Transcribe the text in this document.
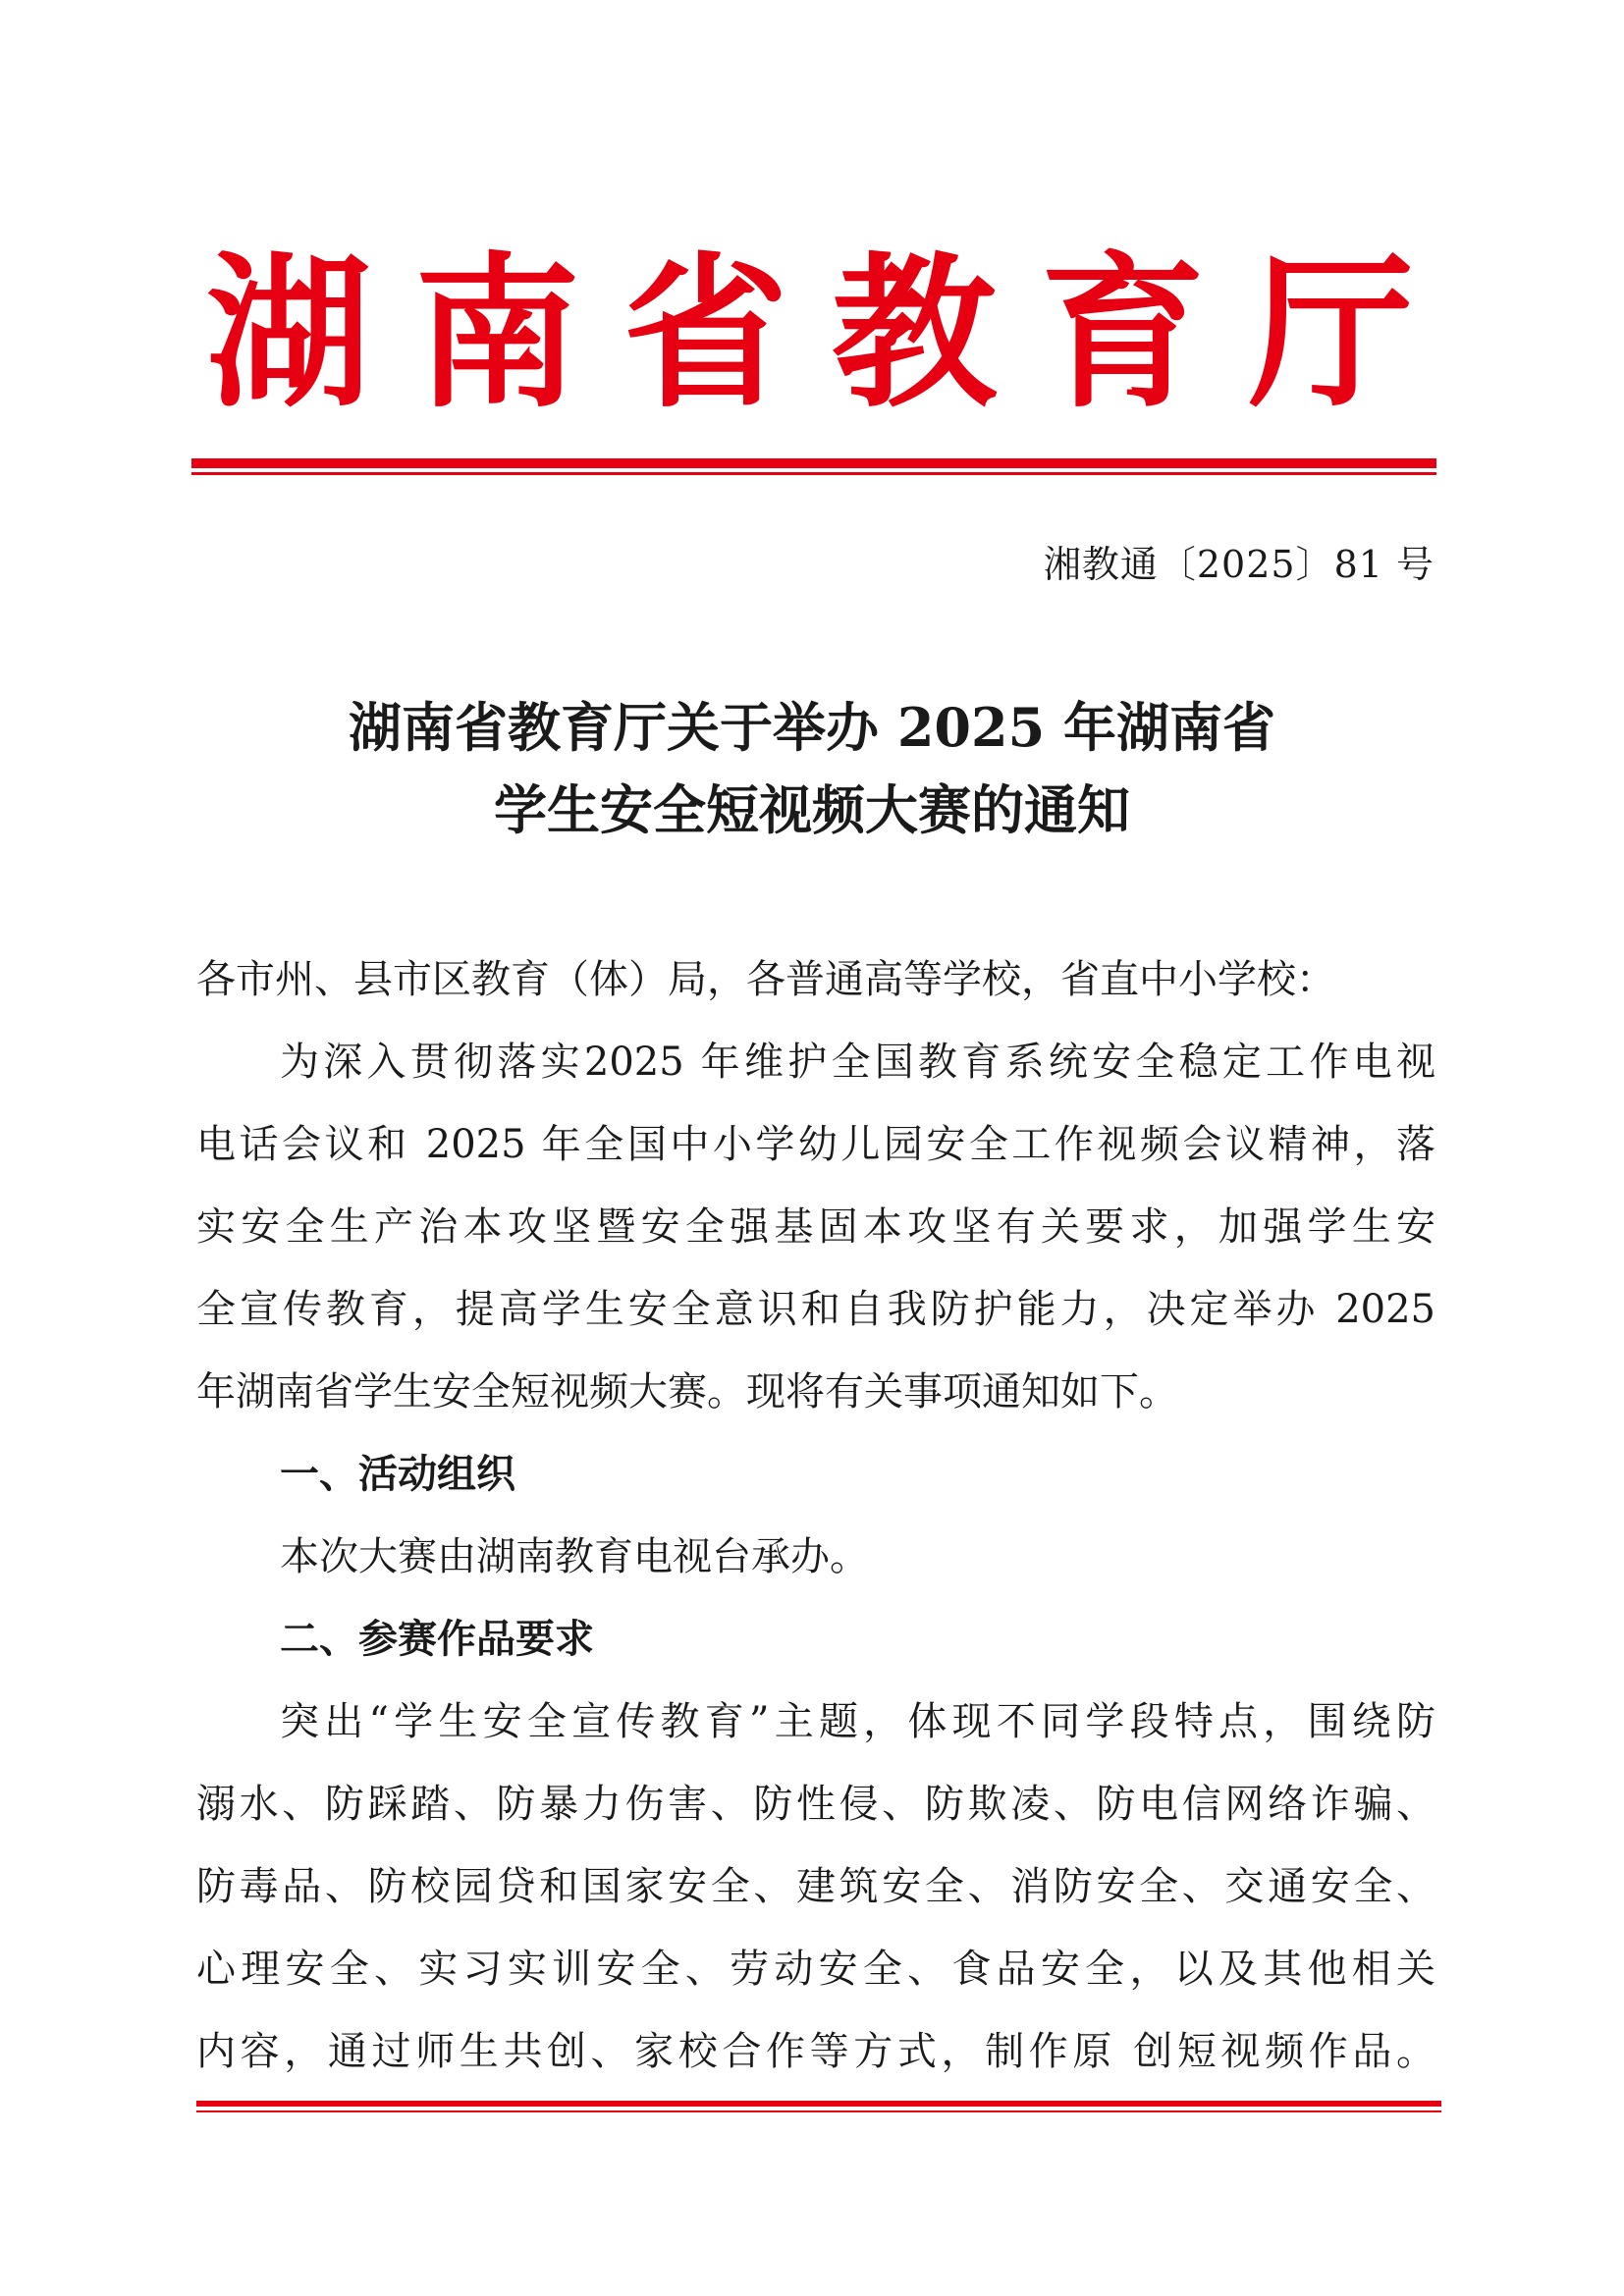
湖 南 省 教 育 厅
湘教通〔2025〕81 号
湖南省教育厅关于举办 2025 年湖南省
学生安全短视频大赛的通知
各市州、县市区教育（体）局，各普通高等学校，省直中小学校：
为深入贯彻落实2025 年维护全国教育系统安全稳定工作电视
电话会议和 2025 年全国中小学幼儿园安全工作视频会议精神，落
实安全生产治本攻坚暨安全强基固本攻坚有关要求，加强学生安
全宣传教育，提高学生安全意识和自我防护能力，决定举办 2025
年湖南省学生安全短视频大赛。现将有关事项通知如下。
一、活动组织
本次大赛由湖南教育电视台承办。
二、参赛作品要求
突出“学生安全宣传教育”主题，体现不同学段特点，围绕防
溺水、防踩踏、防暴力伤害、防性侵、防欺凌、防电信网络诈骗、
防毒品、防校园贷和国家安全、建筑安全、消防安全、交通安全、
心理安全、实习实训安全、劳动安全、食品安全，以及其他相关
内容，通过师生共创、家校合作等方式，制作原 创短视频作品。
